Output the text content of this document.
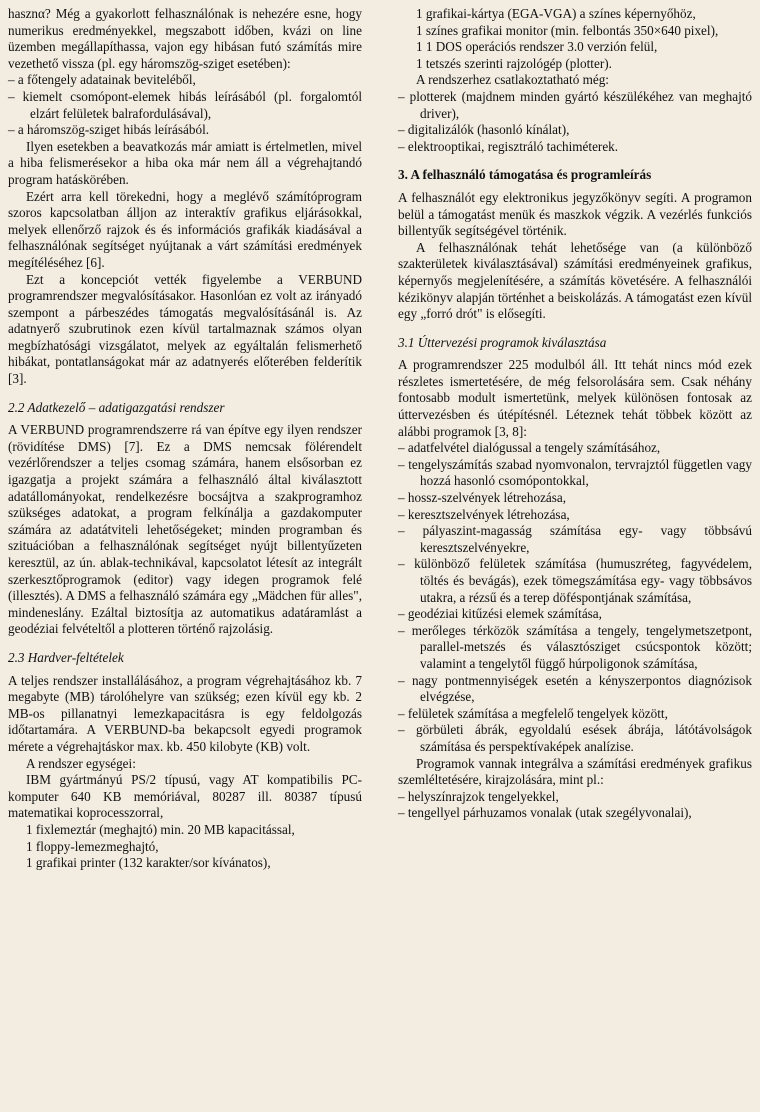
hasznα? Még a gyakorlott felhasználónak is nehezére esne, hogy numerikus eredményekkel, megszabott időben, kvázi on line üzemben megállapíthassa, vajon egy hibásan futó számítás mire vezethető vissza (pl. egy háromszög-sziget esetében):

– a főtengely adatainak beviteléből,

– kiemelt csomópont-elemek hibás leírásából (pl. forgalomtól elzárt felületek balrafordulásával),

– a háromszög-sziget hibás leírásából.

Ilyen esetekben a beavatkozás már amiatt is értelmetlen, mivel a hiba felismerésekor a hiba oka már nem áll a végrehajtandó program hatáskörében.

Ezért arra kell törekedni, hogy a meglévő számítóprogram szoros kapcsolatban álljon az interaktív grafikus eljárásokkal, melyek ellenőrző rajzok és és információs grafikák kiadásával a felhasználónak segítséget nyújtanak a várt számítási eredmények megítéléséhez [6].

Ezt a koncepciót vették figyelembe a VERBUND programrendszer megvalósításakor. Hasonlóan ez volt az irányadó szempont a párbeszédes támogatás megvalósításánál is. Az adatnyerő szubrutinok ezen kívül tartalmaznak számos olyan megbízhatósági vizsgálatot, melyek az egyáltalán felismerhető hibákat, pontatlanságokat már az adatnyerés előterében felderítik [3].

2.2 Adatkezelő – adatigazgatási rendszer

A VERBUND programrendszerre rá van építve egy ilyen rendszer (rövidítése DMS) [7]. Ez a DMS nemcsak fölérendelt vezérlőrendszer a teljes csomag számára, hanem elsősorban ez igazgatja a projekt számára a felhasználó által kiválasztott adatállományokat, rendelkezésre bocsájtva a szakprogramhoz szükséges adatokat, a program felkínálja a gazdakomputer számára az adatátviteli lehetőségeket; minden programban és szituációban a felhasználónak segítséget nyújt billentyűzeten keresztül, az ún. ablak-technikával, kapcsolatot létesít az integrált szerkesztőprogramok (editor) vagy idegen programok felé (illesztés). A DMS a felhasználó számára egy „Mädchen für alles", mindeneslány. Ezáltal biztosítja az automatikus adatáramlást a geodéziai felvételtől a plotteren történő rajzolásig.

2.3 Hardver-feltételek

A teljes rendszer installálásához, a program végrehajtásához kb. 7 megabyte (MB) tárolóhelyre van szükség; ezen kívül egy kb. 2 MB-os pillanatnyi lemezkapacitásra is egy feldolgozás időtartamára. A VERBUND-ba bekapcsolt egyedi programok mérete a végrehajtáskor max. kb. 450 kilobyte (KB) volt.

A rendszer egységei:

IBM gyártmányú PS/2 típusú, vagy AT kompatibilis PC-komputer 640 KB memóriával, 80287 ill. 80387 típusú matematikai koprocesszorral,

1 fixlemeztár (meghajtó) min. 20 MB kapacitással,

1 floppy-lemezmeghajtó,

1 grafikai printer (132 karakter/sor kívánatos),

1 grafikai-kártya (EGA-VGA) a színes képernyőhöz,

1 színes grafikai monitor (min. felbontás 350×640 pixel),

1 1 DOS operációs rendszer 3.0 verzión felül,

1 tetszés szerinti rajzológép (plotter).

A rendszerhez csatlakoztatható még:

– plotterek (majdnem minden gyártó készülékéhez van meghajtó driver),

– digitalizálók (hasonló kínálat),

– elektrooptikai, regisztráló tachiméterek.

3. A felhasználó támogatása és programleírás

A felhasználót egy elektronikus jegyzőkönyv segíti. A programon belül a támogatást menük és maszkok végzik. A vezérlés funkciós billentyűk segítségével történik.

A felhasználónak tehát lehetősége van (a különböző szakterületek kiválasztásával) számítási eredményeinek grafikus, képernyős megjelenítésére, a számítás követésére. A felhasználói kézikönyv alapján történhet a beiskolázás. A támogatást ezen kívül egy „forró drót" is elősegíti.

3.1 Úttervezési programok kiválasztása

A programrendszer 225 modulból áll. Itt tehát nincs mód ezek részletes ismertetésére, de még felsorolására sem. Csak néhány fontosabb modult ismertetünk, melyek különösen fontosak az úttervezésben és útépítésnél. Léteznek tehát többek között az alábbi programok [3, 8]:

– adatfelvétel dialógussal a tengely számításához,

– tengelyszámítás szabad nyomvonalon, tervrajztól független vagy hozzá hasonló csomópontokkal,

– hossz-szelvények létrehozása,

– keresztszelvények létrehozása,

– pályaszint-magasság számítása egy- vagy többsávú keresztszelvényekre,

– különböző felületek számítása (humuszréteg, fagyvédelem, töltés és bevágás), ezek tömegszámítása egy- vagy többsávos utakra, a rézsű és a terep döféspontjának számítása,

– geodéziai kitűzési elemek számítása,

– merőleges térközök számítása a tengely, tengelymetszetpont, parallel-metszés és választósziget csúcspontok között; valamint a tengelytől függő húrpoligonok számítása,

– nagy pontmennyiségek esetén a kényszerpontos diagnózisok elvégzése,

– felületek számítása a megfelelő tengelyek között,

– görbületi ábrák, egyoldalú esések ábrája, látótávolságok számítása és perspektívaképek analízise.

Programok vannak integrálva a számítási eredmények grafikus szemléltetésére, kirajzolására, mint pl.:

– helyszínrajzok tengelyekkel,

– tengellyel párhuzamos vonalak (utak szegélyvonalai),
